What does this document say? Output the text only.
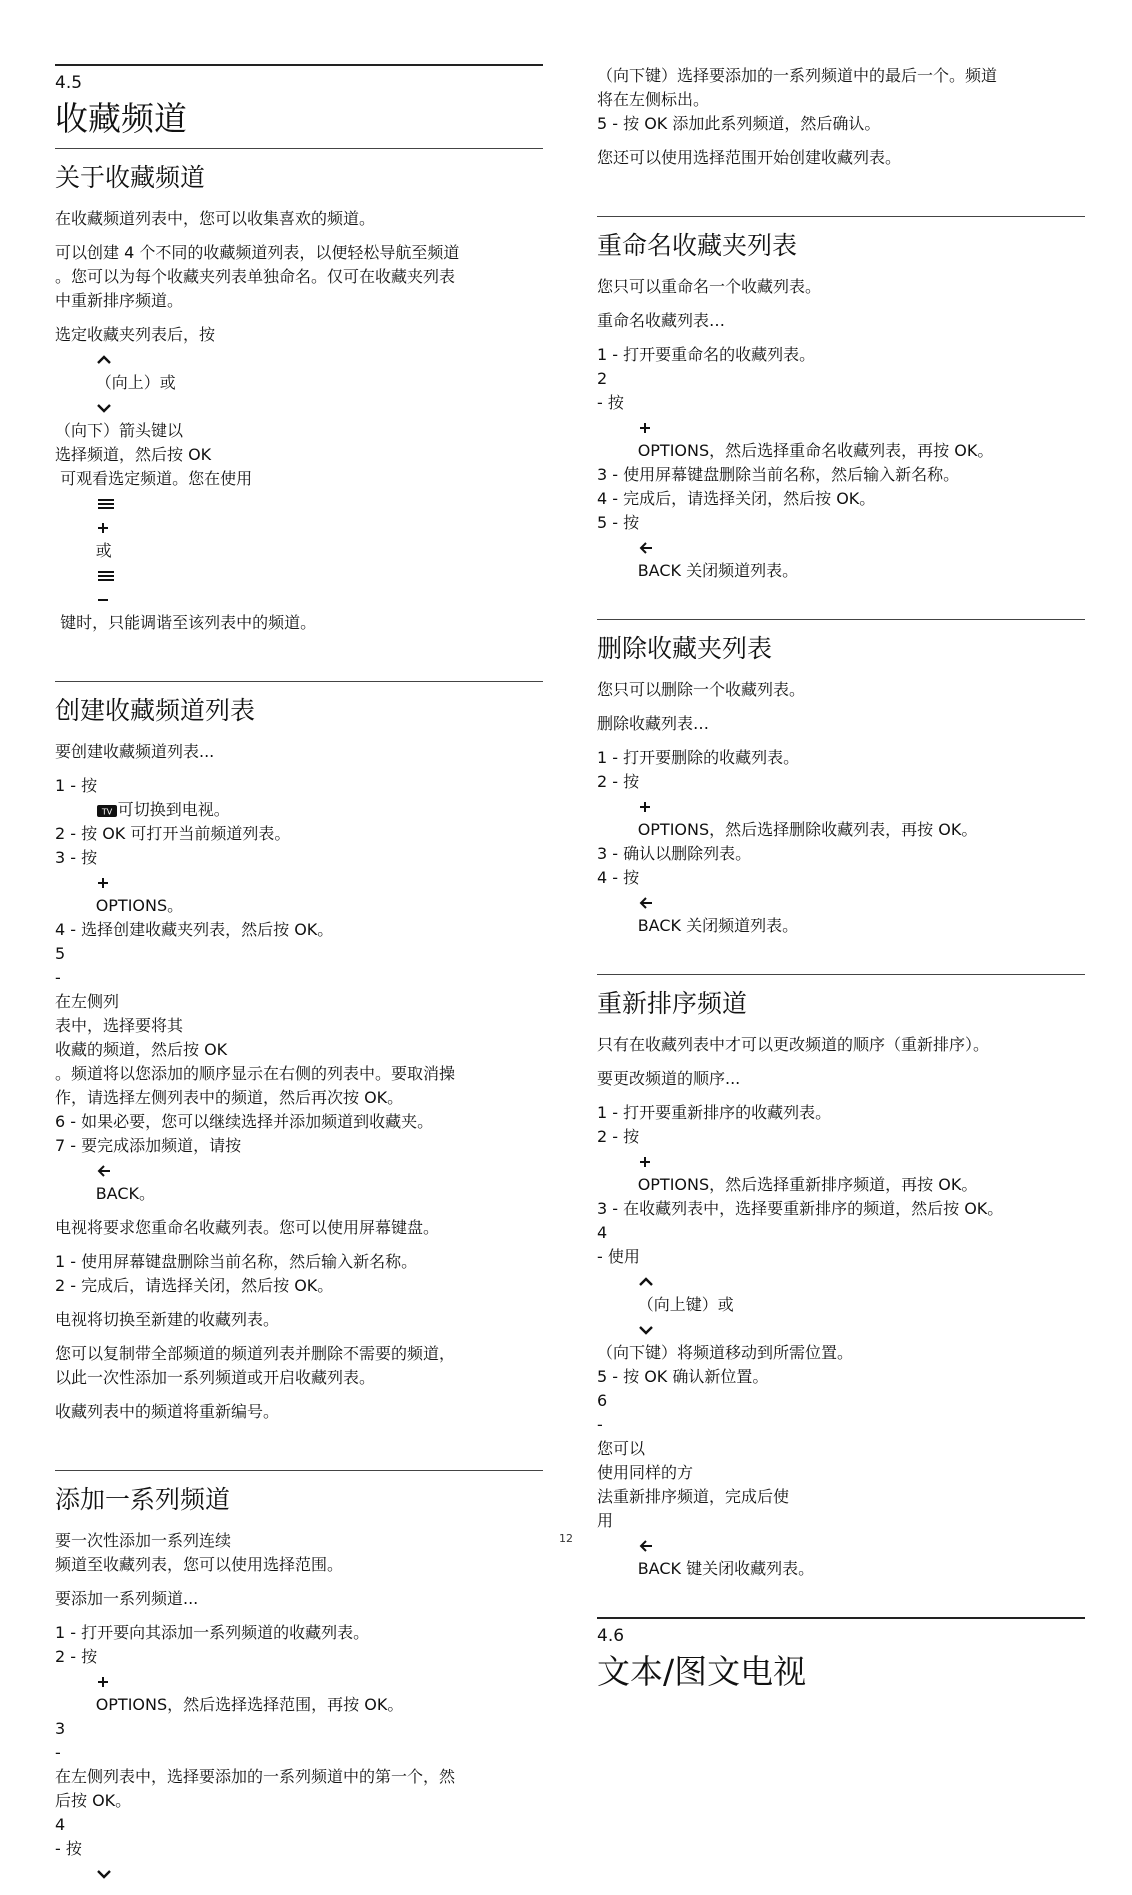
4.5
收藏频道
关于收藏频道

在收藏频道列表中，您可以收集喜欢的频道。

可以创建 4 个不同的收藏频道列表，以便轻松导航至频道
。您可以为每个收藏夹列表单独命名。仅可在收藏夹列表
中重新排序频道。
选定收藏夹列表后，按

（向上）或

（向下）箭头键以
选择频道，然后按 OK
可观看选定频道。您在使用

或

键时，只能调谐至该列表中的频道。
创建收藏频道列表

要创建收藏频道列表...

1 - 按

TV 可切换到电视。
2 - 按 OK 可打开当前频道列表。
3 - 按

OPTIONS。
4 - 选择创建收藏夹列表，然后按 OK。
5
-
在左侧列
表中，选择要将其
收藏的频道，然后按 OK
。频道将以您添加的顺序显示在右侧的列表中。要取消操
作，请选择左侧列表中的频道，然后再次按 OK。
6 - 如果必要，您可以继续选择并添加频道到收藏夹。
7 - 要完成添加频道，请按

BACK。

电视将要求您重命名收藏列表。您可以使用屏幕键盘。

1 - 使用屏幕键盘删除当前名称，然后输入新名称。
2 - 完成后，请选择关闭，然后按 OK。

电视将切换至新建的收藏列表。

您可以复制带全部频道的频道列表并删除不需要的频道，
以此一次性添加一系列频道或开启收藏列表。

收藏列表中的频道将重新编号。

添加一系列频道
要一次性添加一系列连续
频道至收藏列表，您可以使用选择范围。

要添加一系列频道...

1 - 打开要向其添加一系列频道的收藏列表。
2 - 按

OPTIONS，然后选择选择范围，再按 OK。
3
-
在左侧列表中，选择要添加的一系列频道中的第一个，然
后按 OK。
4
- 按

（向下键）选择要添加的一系列频道中的最后一个。频道
将在左侧标出。
5 - 按 OK 添加此系列频道，然后确认。

您还可以使用选择范围开始创建收藏列表。

重命名收藏夹列表

您只可以重命名一个收藏列表。

重命名收藏列表…

1 - 打开要重命名的收藏列表。
2
- 按

OPTIONS，然后选择重命名收藏列表，再按 OK。
3 - 使用屏幕键盘删除当前名称，然后输入新名称。
4 - 完成后，请选择关闭，然后按 OK。
5 - 按

BACK 关闭频道列表。
删除收藏夹列表

您只可以删除一个收藏列表。

删除收藏列表…

1 - 打开要删除的收藏列表。
2 - 按

OPTIONS，然后选择删除收藏列表，再按 OK。
3 - 确认以删除列表。
4 - 按

BACK 关闭频道列表。
重新排序频道

只有在收藏列表中才可以更改频道的顺序（重新排序）。

要更改频道的顺序...

1 - 打开要重新排序的收藏列表。
2 - 按

OPTIONS，然后选择重新排序频道，再按 OK。
3 - 在收藏列表中，选择要重新排序的频道，然后按 OK。
4
- 使用

（向上键）或

（向下键）将频道移动到所需位置。
5 - 按 OK 确认新位置。
6
-
您可以
使用同样的方
法重新排序频道，完成后使
用

BACK 键关闭收藏列表。
4.6
文本/图文电视
12
